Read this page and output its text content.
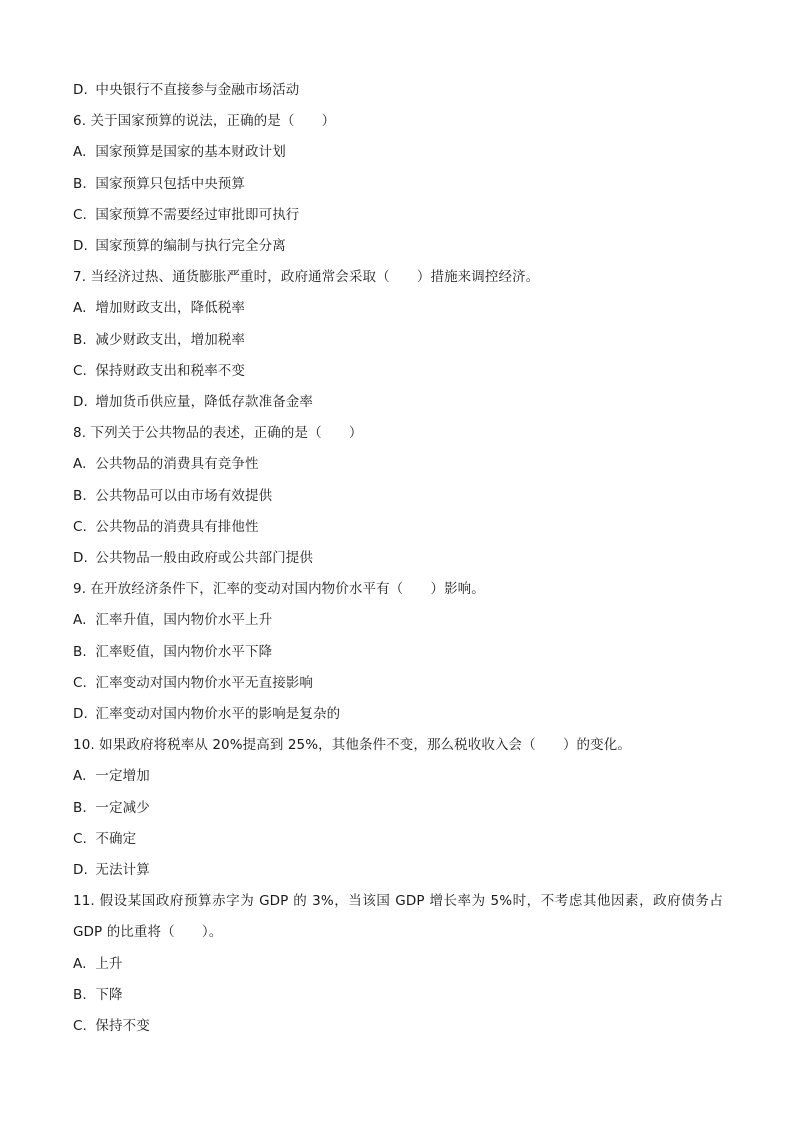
D. 中央银行不直接参与金融市场活动
6. 关于国家预算的说法，正确的是（　　）
A. 国家预算是国家的基本财政计划
B. 国家预算只包括中央预算
C. 国家预算不需要经过审批即可执行
D. 国家预算的编制与执行完全分离
7. 当经济过热、通货膨胀严重时，政府通常会采取（　　）措施来调控经济。
A. 增加财政支出，降低税率
B. 减少财政支出，增加税率
C. 保持财政支出和税率不变
D. 增加货币供应量，降低存款准备金率
8. 下列关于公共物品的表述，正确的是（　　）
A. 公共物品的消费具有竞争性
B. 公共物品可以由市场有效提供
C. 公共物品的消费具有排他性
D. 公共物品一般由政府或公共部门提供
9. 在开放经济条件下，汇率的变动对国内物价水平有（　　）影响。
A. 汇率升值，国内物价水平上升
B. 汇率贬值，国内物价水平下降
C. 汇率变动对国内物价水平无直接影响
D. 汇率变动对国内物价水平的影响是复杂的
10. 如果政府将税率从 20%提高到 25%，其他条件不变，那么税收收入会（　　）的变化。
A. 一定增加
B. 一定减少
C. 不确定
D. 无法计算
11. 假设某国政府预算赤字为 GDP 的 3%，当该国 GDP 增长率为 5%时，不考虑其他因素，政府债务占 GDP 的比重将（　　）。
A. 上升
B. 下降
C. 保持不变
